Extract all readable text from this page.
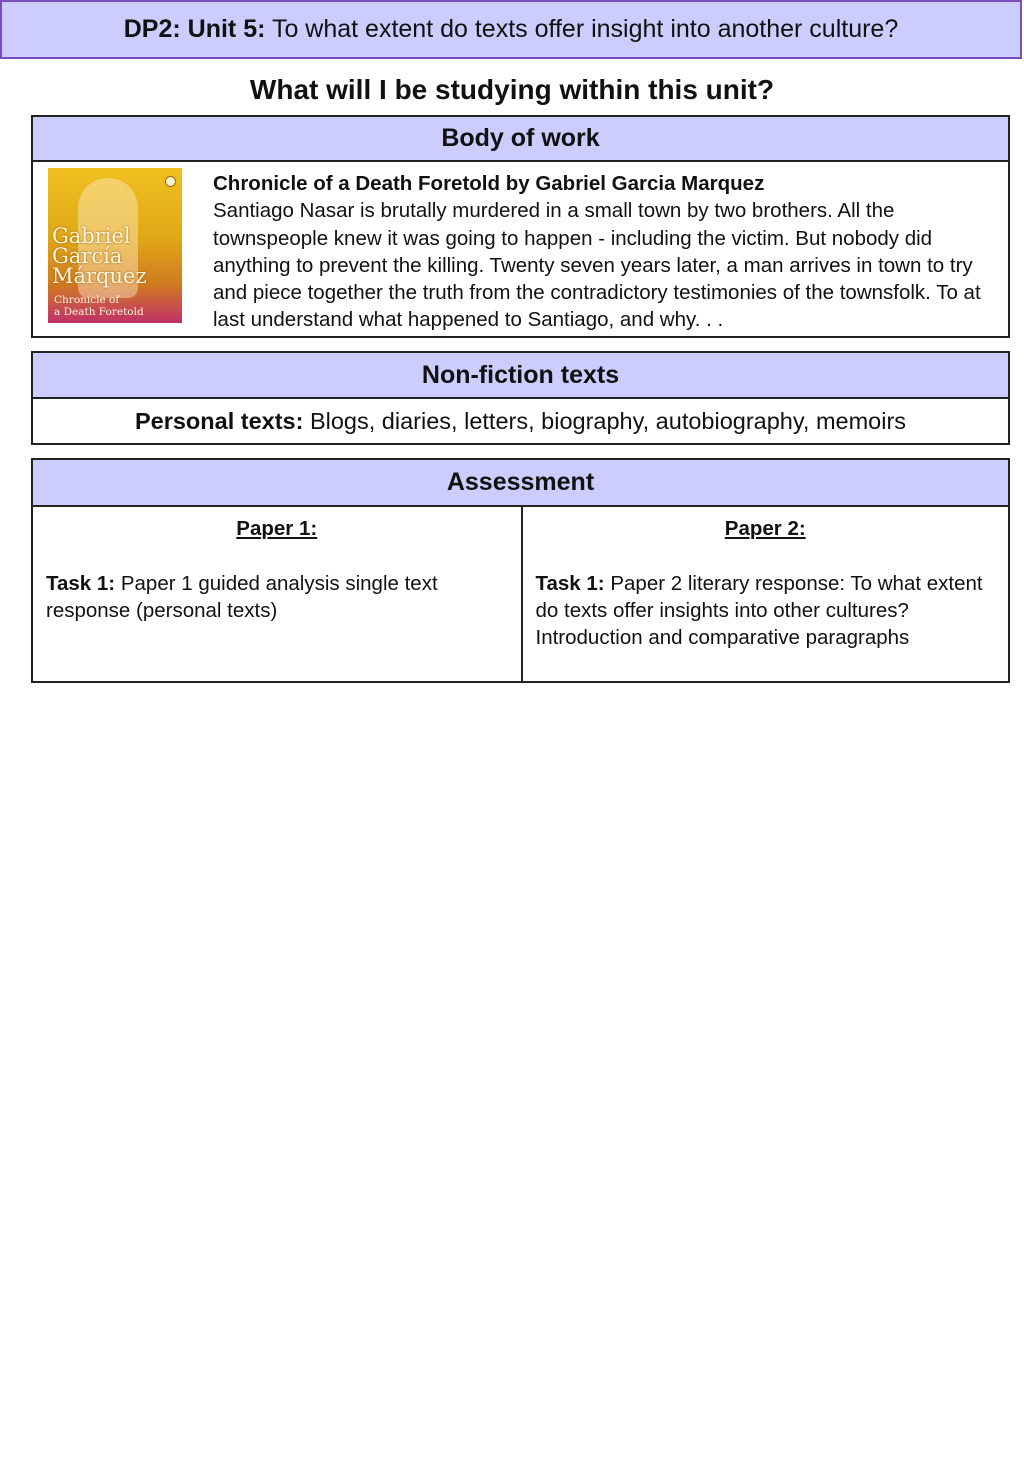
DP2: Unit 5: To what extent do texts offer insight into another culture?
What will I be studying within this unit?
Body of work
Gabriel
García
Márquez
Chronicle of
a Death Foretold
Chronicle of a Death Foretold by Gabriel Garcia Marquez
Santiago Nasar is brutally murdered in a small town by two brothers. All the townspeople knew it was going to happen - including the victim. But nobody did anything to prevent the killing. Twenty seven years later, a man arrives in town to try and piece together the truth from the contradictory testimonies of the townsfolk. To at last understand what happened to Santiago, and why. . .
Non-fiction texts
Personal texts: Blogs, diaries, letters, biography, autobiography, memoirs
Assessment
Paper 1:
Task 1: Paper 1 guided analysis single text response (personal texts)
Paper 2:
Task 1: Paper 2 literary response: To what extent do texts offer insights into other cultures? Introduction and comparative paragraphs
